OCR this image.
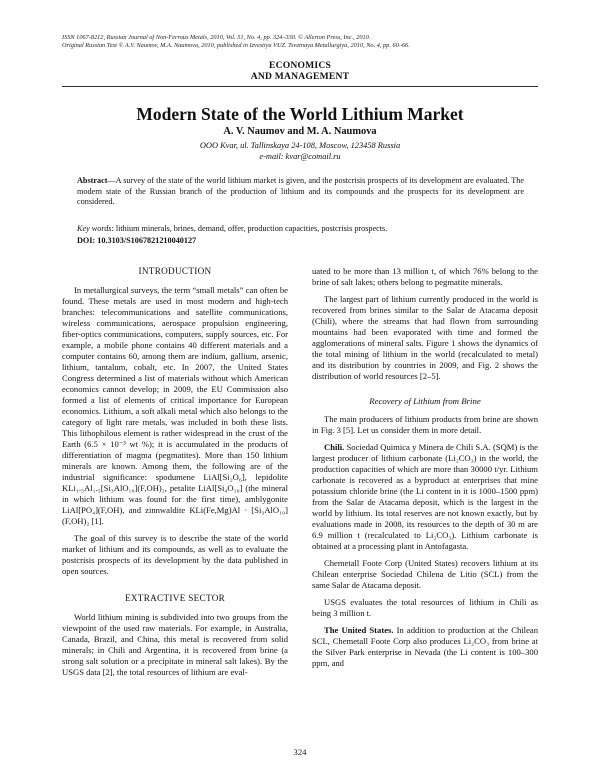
ISSN 1067-8212, Russian Journal of Non-Ferrous Metals, 2010, Vol. 51, No. 4, pp. 324–330. © Allerton Press, Inc., 2010.
Original Russian Text © A.V. Naumov, M.A. Naumova, 2010, published in Izvestiya VUZ. Tsvetnaya Metallurgiya, 2010, No. 4, pp. 60–66.
ECONOMICS
AND MANAGEMENT
Modern State of the World Lithium Market
A. V. Naumov and M. A. Naumova
OOO Kvar, ul. Tallinskaya 24-108, Moscow, 123458 Russia
e-mail: kvar@comail.ru
Abstract—A survey of the state of the world lithium market is given, and the postcrisis prospects of its development are evaluated. The modern state of the Russian branch of the production of lithium and its compounds and the prospects for its development are considered.
Key words: lithium minerals, brines, demand, offer, production capacities, postcrisis prospects.
DOI: 10.3103/S1067821210040127
INTRODUCTION

In metallurgical surveys, the term “small metals” can often be found. These metals are used in most modern and high-tech branches: telecommunications and satellite communications, wireless communications, aerospace propulsion engineering, fiber-optics communications, computers, supply sources, etc. For example, a mobile phone contains 40 different materials and a computer contains 60, among them are indium, gallium, arsenic, lithium, tantalum, cobalt, etc. In 2007, the United States Congress determined a list of materials without which American economics cannot develop; in 2009, the EU Commission also formed a list of elements of critical importance for European economics. Lithium, a soft alkali metal which also belongs to the category of light rare metals, was included in both these lists. This lithophilous element is rather widespread in the crust of the Earth (6.5 × 10⁻³ wt %); it is accumulated in the products of differentiation of magma (pegmatites). More than 150 lithium minerals are known. Among them, the following are of the industrial significance: spodumene LiAl[Si₂O₆], lepidolite KLi₁.₅Al₁.₅[Si₃AlO₁₀](F,OH)₂, petalite LiAl[Si₄O₁₀] (the mineral in which lithium was found for the first time), amblygonite LiAl[PO₄](F,OH), and zinnwaldite KLi(Fe,Mg)Al · [Si₃AlO₁₀](F,OH)₂ [1].

The goal of this survey is to describe the state of the world market of lithium and its compounds, as well as to evaluate the postcrisis prospects of its development by the data published in open sources.

EXTRACTIVE SECTOR

World lithium mining is subdivided into two groups from the viewpoint of the used raw materials. For example, in Australia, Canada, Brazil, and China, this metal is recovered from solid minerals; in Chili and Argentina, it is recovered from brine (a strong salt solution or a precipitate in mineral salt lakes). By the USGS data [2], the total resources of lithium are eval-

uated to be more than 13 million t, of which 76% belong to the brine of salt lakes; others belong to pegmatite minerals.

The largest part of lithium currently produced in the world is recovered from brines similar to the Salar de Atacama deposit (Chili), where the streams that had flown from surrounding mountains had been evaporated with time and formed the agglomerations of mineral salts. Figure 1 shows the dynamics of the total mining of lithium in the world (recalculated to metal) and its distribution by countries in 2009, and Fig. 2 shows the distribution of world resources [2–5].

Recovery of Lithium from Brine

The main producers of lithium products from brine are shown in Fig. 3 [5]. Let us consider them in more detail.

Chili. Sociedad Quimica y Minera de Chili S.A. (SQM) is the largest producer of lithium carbonate (Li₂CO₃) in the world, the production capacities of which are more than 30000 t/yr. Lithium carbonate is recovered as a byproduct at enterprises that mine potassium chloride brine (the Li content in it is 1000–1500 ppm) from the Salar de Atacama deposit, which is the largest in the world by lithium. Its total reserves are not known exactly, but by evaluations made in 2008, its resources to the depth of 30 m are 6.9 million t (recalculated to Li₂CO₃). Lithium carbonate is obtained at a processing plant in Antofagasta.

Chemetall Foote Corp (United States) recovers lithium at its Chilean enterprise Sociedad Chilena de Litio (SCL) from the same Salar de Atacama deposit.

USGS evaluates the total resources of lithium in Chili as being 3 million t.

The United States. In addition to production at the Chilean SCL, Chemetall Foote Corp also produces Li₂CO₃ from brine at the Silver Park enterprise in Nevada (the Li content is 100–300 ppm, and

324
